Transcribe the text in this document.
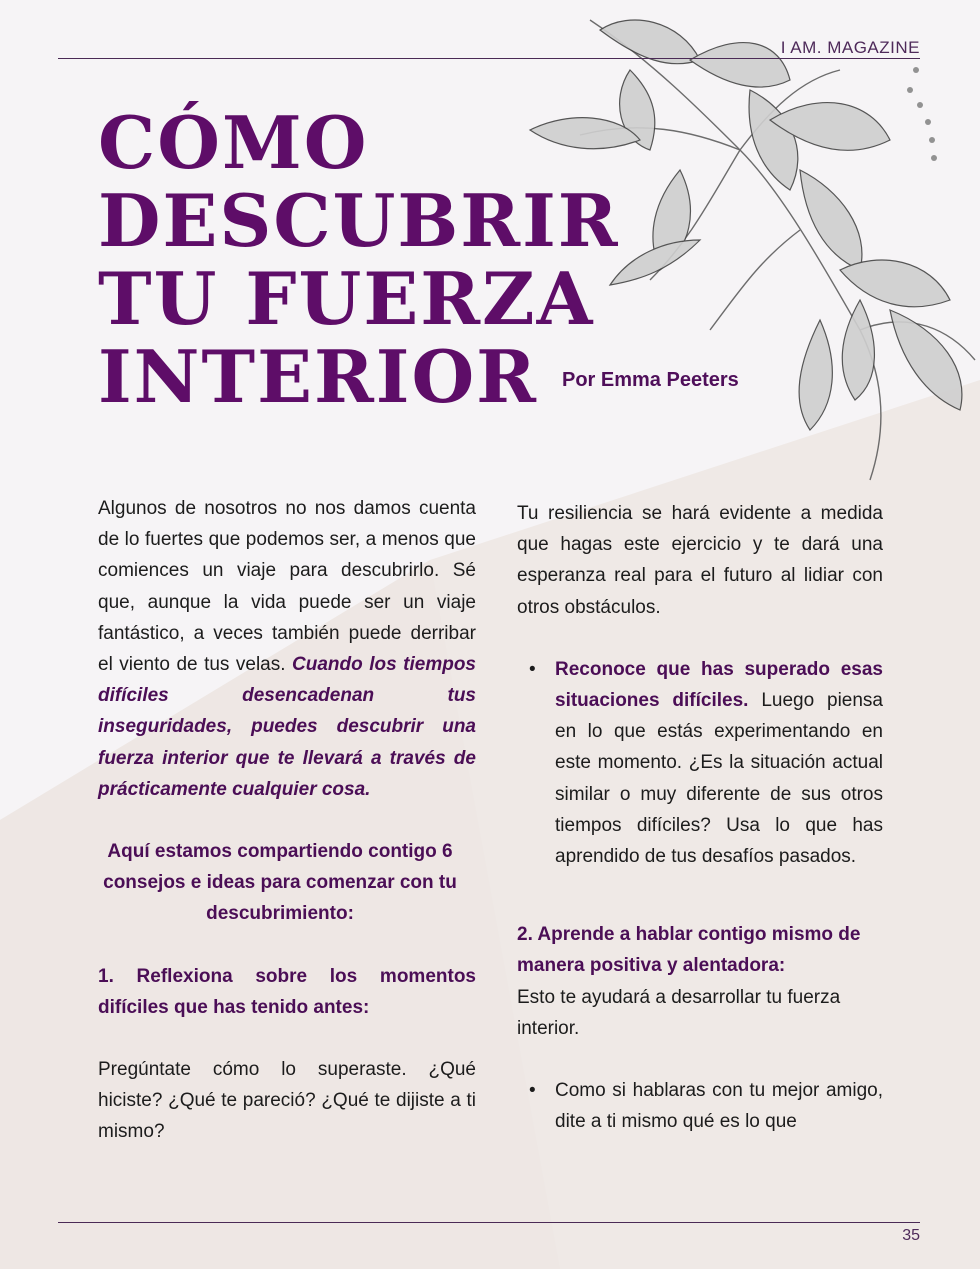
I AM. MAGAZINE
CÓMO
DESCUBRIR
TU FUERZA
INTERIOR	Por Emma Peeters

Algunos de nosotros no nos damos cuenta de lo fuertes que podemos ser, a menos que comiences un viaje para descubrirlo. Sé que, aunque la vida puede ser un viaje fantástico, a veces también puede derribar el viento de tus velas. Cuando los tiempos difíciles desencadenan tus inseguridades, puedes descubrir una fuerza interior que te llevará a través de prácticamente cualquier cosa.

Aquí estamos compartiendo contigo 6 consejos e ideas para comenzar con tu descubrimiento:

1. Reflexiona sobre los momentos difíciles que has tenido antes:

Pregúntate cómo lo superaste. ¿Qué hiciste? ¿Qué te pareció? ¿Qué te dijiste a ti mismo?

Tu resiliencia se hará evidente a medida que hagas este ejercicio y te dará una esperanza real para el futuro al lidiar con otros obstáculos.

• Reconoce que has superado esas situaciones difíciles. Luego piensa en lo que estás experimentando en este momento. ¿Es la situación actual similar o muy diferente de sus otros tiempos difíciles? Usa lo que has aprendido de tus desafíos pasados.

2. Aprende a hablar contigo mismo de manera positiva y alentadora:

Esto te ayudará a desarrollar tu fuerza interior.

• Como si hablaras con tu mejor amigo, dite a ti mismo qué es lo que

35
